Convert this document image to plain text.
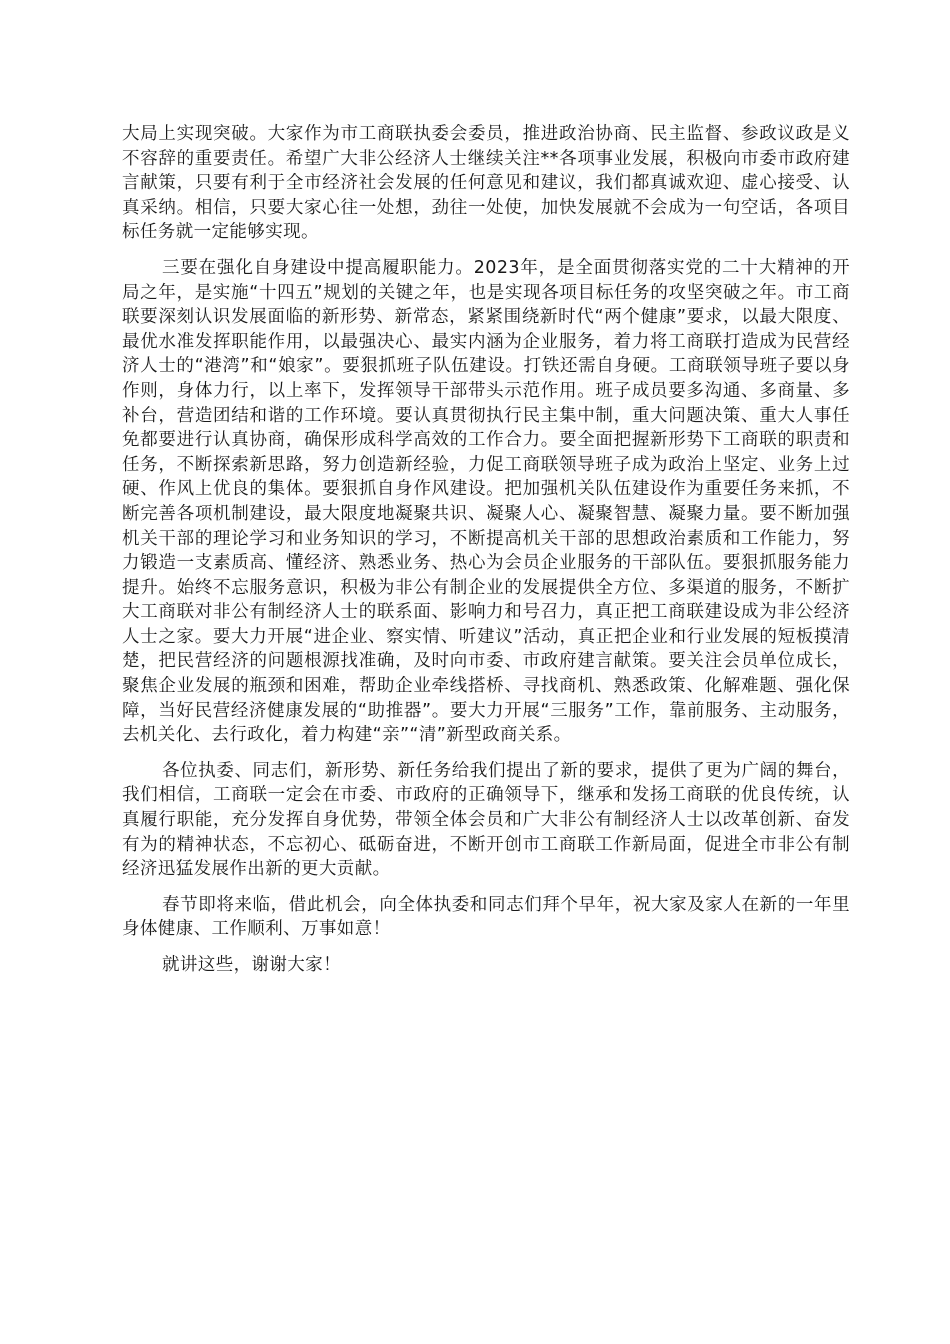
大局上实现突破。大家作为市工商联执委会委员，推进政治协商、民主监督、参政议政是义不容辞的重要责任。希望广大非公经济人士继续关注**各项事业发展，积极向市委市政府建言献策，只要有利于全市经济社会发展的任何意见和建议，我们都真诚欢迎、虚心接受、认真采纳。相信，只要大家心往一处想，劲往一处使，加快发展就不会成为一句空话，各项目标任务就一定能够实现。

三要在强化自身建设中提高履职能力。2023年，是全面贯彻落实党的二十大精神的开局之年，是实施“十四五”规划的关键之年，也是实现各项目标任务的攻坚突破之年。市工商联要深刻认识发展面临的新形势、新常态，紧紧围绕新时代“两个健康”要求，以最大限度、最优水准发挥职能作用，以最强决心、最实内涵为企业服务，着力将工商联打造成为民营经济人士的“港湾”和“娘家”。要狠抓班子队伍建设。打铁还需自身硬。工商联领导班子要以身作则，身体力行，以上率下，发挥领导干部带头示范作用。班子成员要多沟通、多商量、多补台，营造团结和谐的工作环境。要认真贯彻执行民主集中制，重大问题决策、重大人事任免都要进行认真协商，确保形成科学高效的工作合力。要全面把握新形势下工商联的职责和任务，不断探索新思路，努力创造新经验，力促工商联领导班子成为政治上坚定、业务上过硬、作风上优良的集体。要狠抓自身作风建设。把加强机关队伍建设作为重要任务来抓，不断完善各项机制建设，最大限度地凝聚共识、凝聚人心、凝聚智慧、凝聚力量。要不断加强机关干部的理论学习和业务知识的学习，不断提高机关干部的思想政治素质和工作能力，努力锻造一支素质高、懂经济、熟悉业务、热心为会员企业服务的干部队伍。要狠抓服务能力提升。始终不忘服务意识，积极为非公有制企业的发展提供全方位、多渠道的服务，不断扩大工商联对非公有制经济人士的联系面、影响力和号召力，真正把工商联建设成为非公经济人士之家。要大力开展“进企业、察实情、听建议”活动，真正把企业和行业发展的短板摸清楚，把民营经济的问题根源找准确，及时向市委、市政府建言献策。要关注会员单位成长，聚焦企业发展的瓶颈和困难，帮助企业牵线搭桥、寻找商机、熟悉政策、化解难题、强化保障，当好民营经济健康发展的“助推器”。要大力开展“三服务”工作，靠前服务、主动服务，去机关化、去行政化，着力构建“亲”“清”新型政商关系。

各位执委、同志们，新形势、新任务给我们提出了新的要求，提供了更为广阔的舞台，我们相信，工商联一定会在市委、市政府的正确领导下，继承和发扬工商联的优良传统，认真履行职能，充分发挥自身优势，带领全体会员和广大非公有制经济人士以改革创新、奋发有为的精神状态，不忘初心、砥砺奋进，不断开创市工商联工作新局面，促进全市非公有制经济迅猛发展作出新的更大贡献。

春节即将来临，借此机会，向全体执委和同志们拜个早年，祝大家及家人在新的一年里身体健康、工作顺利、万事如意！

就讲这些，谢谢大家！
